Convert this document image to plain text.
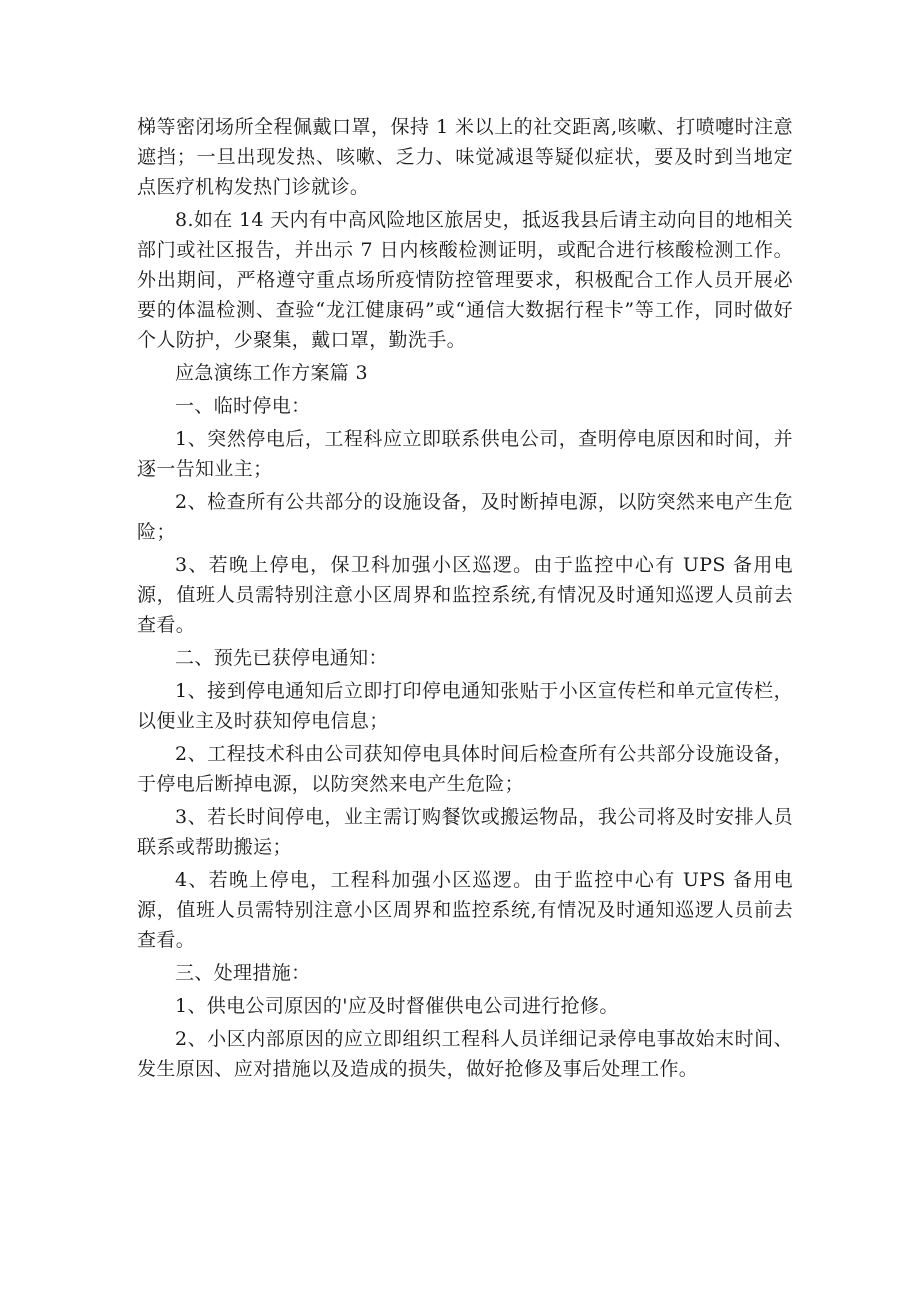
梯等密闭场所全程佩戴口罩，保持 1 米以上的社交距离,咳嗽、打喷嚏时注意遮挡；一旦出现发热、咳嗽、乏力、味觉减退等疑似症状，要及时到当地定点医疗机构发热门诊就诊。

8.如在 14 天内有中高风险地区旅居史，抵返我县后请主动向目的地相关部门或社区报告，并出示 7 日内核酸检测证明，或配合进行核酸检测工作。外出期间，严格遵守重点场所疫情防控管理要求，积极配合工作人员开展必要的体温检测、查验“龙江健康码”或“通信大数据行程卡”等工作，同时做好个人防护，少聚集，戴口罩，勤洗手。

应急演练工作方案篇 3

一、临时停电：

1、突然停电后，工程科应立即联系供电公司，查明停电原因和时间，并逐一告知业主；

2、检查所有公共部分的设施设备，及时断掉电源，以防突然来电产生危险；

3、若晚上停电，保卫科加强小区巡逻。由于监控中心有 UPS 备用电源，值班人员需特别注意小区周界和监控系统,有情况及时通知巡逻人员前去查看。

二、预先已获停电通知：

1、接到停电通知后立即打印停电通知张贴于小区宣传栏和单元宣传栏，以便业主及时获知停电信息；

2、工程技术科由公司获知停电具体时间后检查所有公共部分设施设备，于停电后断掉电源，以防突然来电产生危险；

3、若长时间停电，业主需订购餐饮或搬运物品，我公司将及时安排人员联系或帮助搬运；

4、若晚上停电，工程科加强小区巡逻。由于监控中心有 UPS 备用电源，值班人员需特别注意小区周界和监控系统,有情况及时通知巡逻人员前去查看。

三、处理措施：

1、供电公司原因的'应及时督催供电公司进行抢修。

2、小区内部原因的应立即组织工程科人员详细记录停电事故始末时间、发生原因、应对措施以及造成的损失，做好抢修及事后处理工作。
